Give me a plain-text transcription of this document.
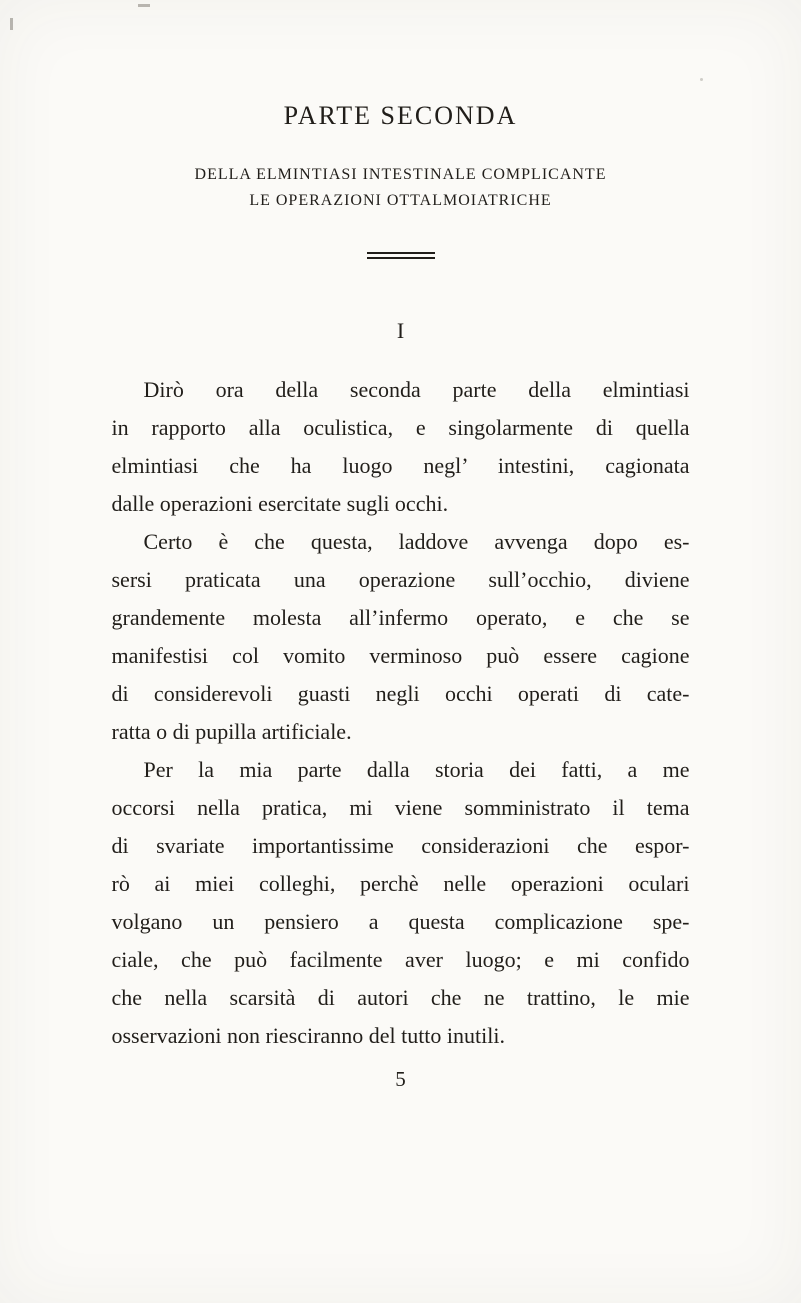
PARTE SECONDA
DELLA ELMINTIASI INTESTINALE COMPLICANTE
LE OPERAZIONI OTTALMOIATRICHE
I
Dirò ora della seconda parte della elmintiasi
in rapporto alla oculistica, e singolarmente di quella
elmintiasi che ha luogo negl’ intestini, cagionata
dalle operazioni esercitate sugli occhi.
Certo è che questa, laddove avvenga dopo es-
sersi praticata una operazione sull’occhio, diviene
grandemente molesta all’infermo operato, e che se
manifestisi col vomito verminoso può essere cagione
di considerevoli guasti negli occhi operati di cate-
ratta o di pupilla artificiale.
Per la mia parte dalla storia dei fatti, a me
occorsi nella pratica, mi viene somministrato il tema
di svariate importantissime considerazioni che espor-
rò ai miei colleghi, perchè nelle operazioni oculari
volgano un pensiero a questa complicazione spe-
ciale, che può facilmente aver luogo; e mi confido
che nella scarsità di autori che ne trattino, le mie
osservazioni non riesciranno del tutto inutili.
5
